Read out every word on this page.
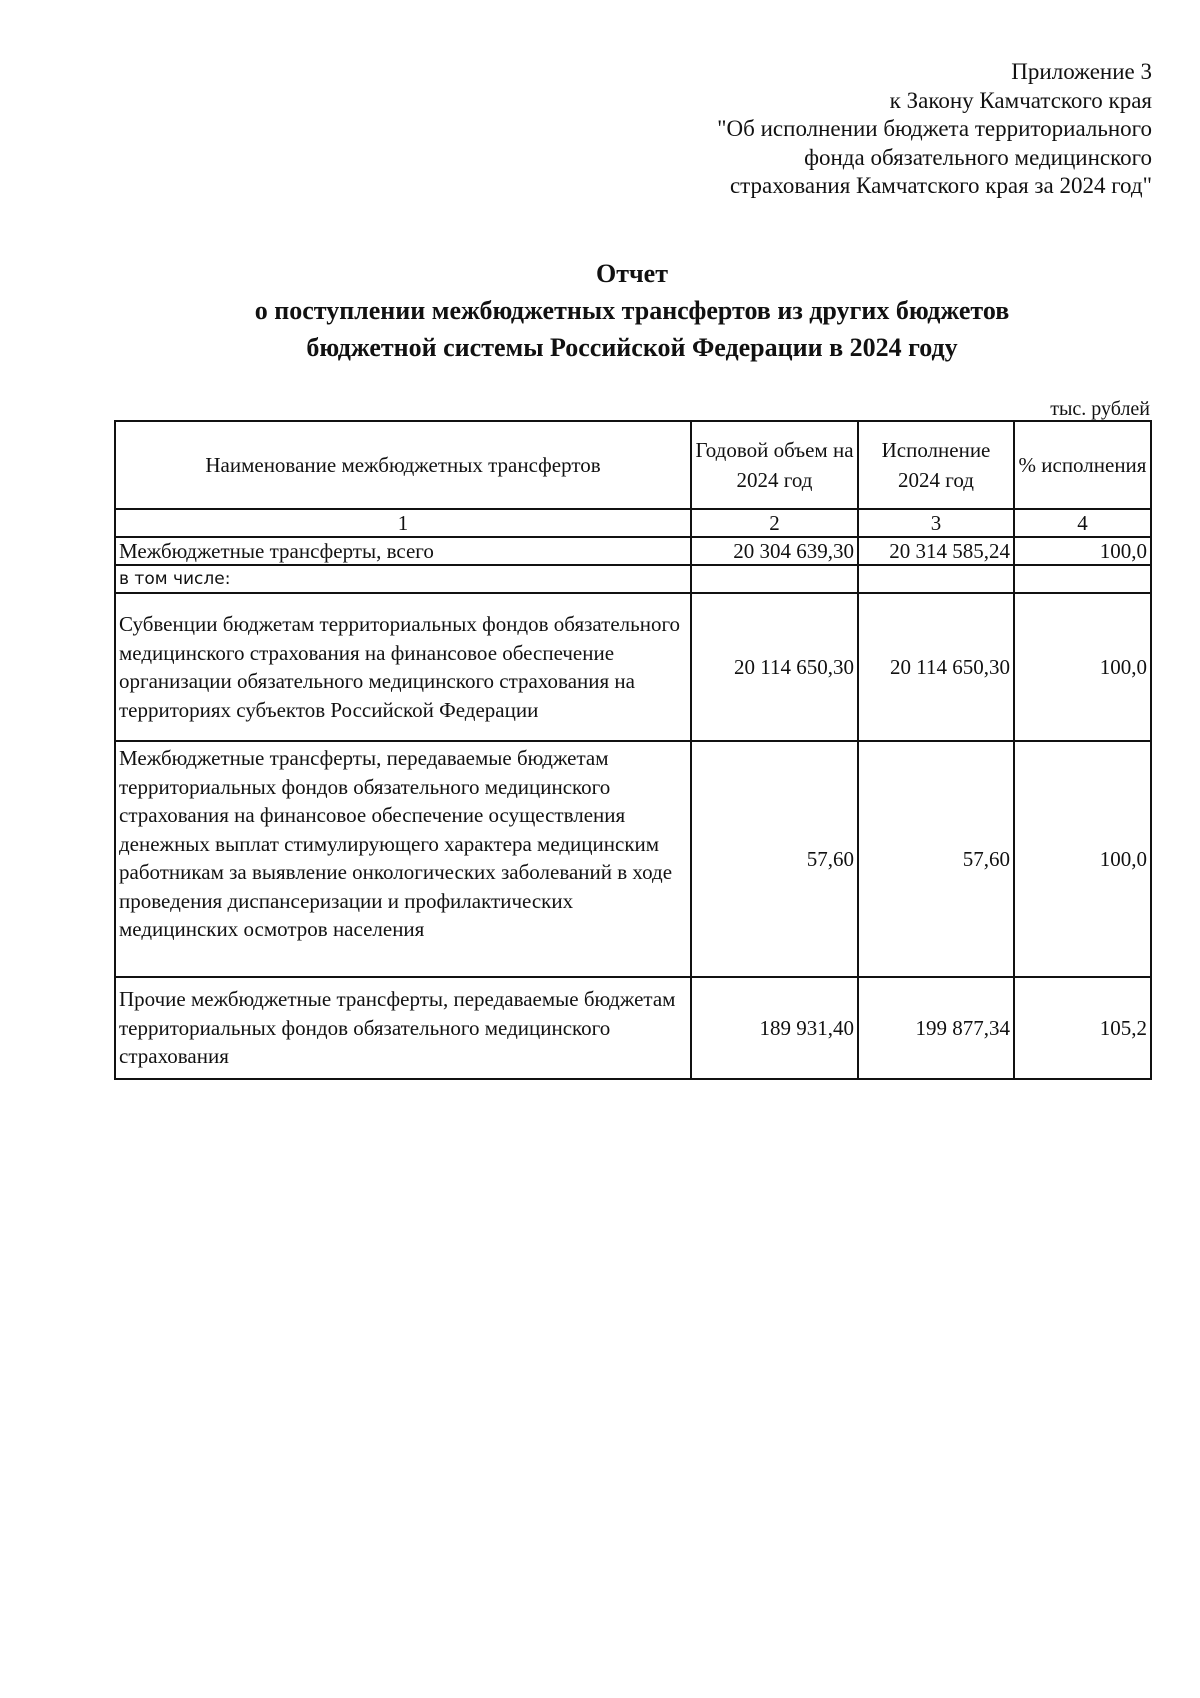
Приложение 3
к Закону Камчатского края
"Об исполнении бюджета территориального
фонда обязательного медицинского
страхования Камчатского края за 2024 год"
Отчет
о поступлении межбюджетных трансфертов из других бюджетов
бюджетной системы Российской Федерации в 2024 году
тыс. рублей
Наименование межбюджетных трансфертов	Годовой объем на 2024 год	Исполнение 2024 год	% исполнения
1	2	3	4
Межбюджетные трансферты, всего	20 304 639,30	20 314 585,24	100,0
в том числе:			
Субвенции бюджетам территориальных фондов обязательного медицинского страхования на финансовое обеспечение организации обязательного медицинского страхования на территориях субъектов Российской Федерации	20 114 650,30	20 114 650,30	100,0
Межбюджетные трансферты, передаваемые бюджетам территориальных фондов обязательного медицинского страхования на финансовое обеспечение осуществления денежных выплат стимулирующего характера медицинским работникам за выявление онкологических заболеваний в ходе проведения диспансеризации и профилактических медицинских осмотров населения	57,60	57,60	100,0
Прочие межбюджетные трансферты, передаваемые бюджетам территориальных фондов обязательного медицинского страхования	189 931,40	199 877,34	105,2
